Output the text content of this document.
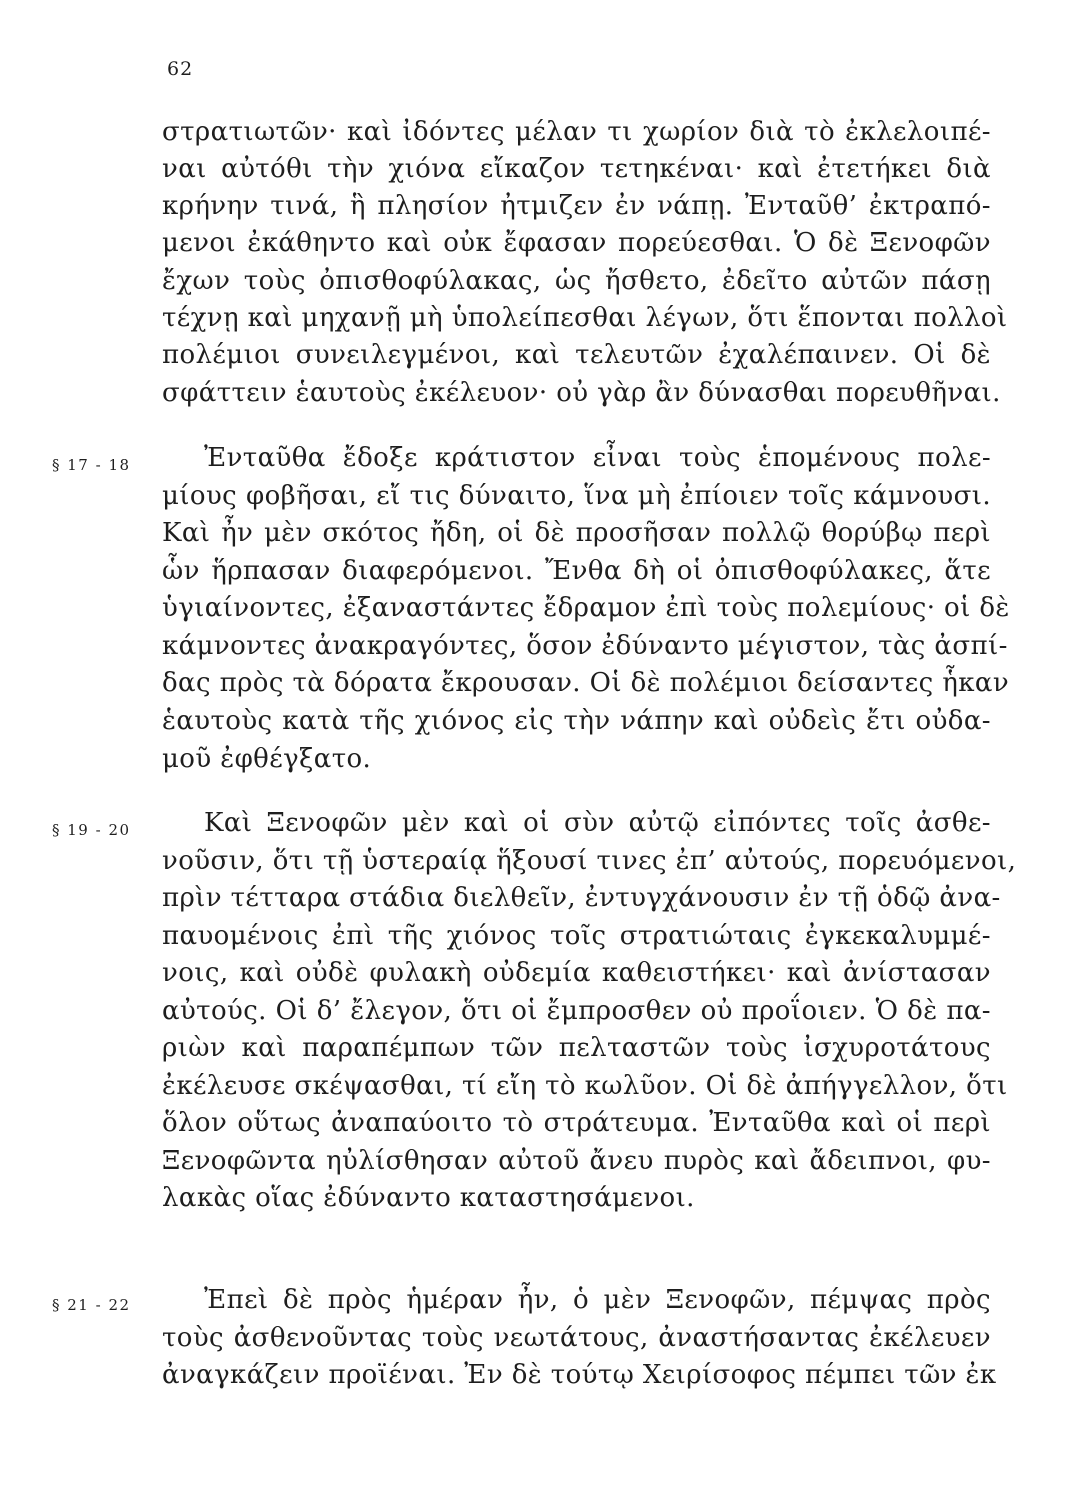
62
§ 17 - 18
§ 19 - 20
§ 21 - 22
στρατιωτῶν· καὶ ἰδόντες μέλαν τι χωρίον διὰ τὸ ἐκλελοιπέ-
ναι αὐτόθι τὴν χιόνα εἴκαζον τετηκέναι· καὶ ἐτετήκει διὰ
κρήνην τινά, ἣ πλησίον ἠτμιζεν ἐν νάπῃ. Ἐνταῦθ’ ἐκτραπό-
μενοι ἐκάθηντο καὶ οὐκ ἔφασαν πορεύεσθαι. Ὁ δὲ Ξενοφῶν
ἔχων τοὺς ὀπισθοφύλακας, ὡς ἤσθετο, ἐδεῖτο αὐτῶν πάσῃ
τέχνῃ καὶ μηχανῇ μὴ ὑπολείπεσθαι λέγων, ὅτι ἕπονται πολλοὶ
πολέμιοι συνειλεγμένοι, καὶ τελευτῶν ἐχαλέπαινεν. Οἱ δὲ
σφάττειν ἑαυτοὺς ἐκέλευον· οὐ γὰρ ἂν δύνασθαι πορευθῆναι.
Ἐνταῦθα ἔδοξε κράτιστον εἶναι τοὺς ἑπομένους πολε-
μίους φοβῆσαι, εἴ τις δύναιτο, ἵνα μὴ ἐπίοιεν τοῖς κάμνουσι.
Καὶ ἦν μὲν σκότος ἤδη, οἱ δὲ προσῆσαν πολλῷ θορύβῳ περὶ
ὧν ἥρπασαν διαφερόμενοι. Ἔνθα δὴ οἱ ὀπισθοφύλακες, ἅτε
ὑγιαίνοντες, ἐξαναστάντες ἔδραμον ἐπὶ τοὺς πολεμίους· οἱ δὲ
κάμνοντες ἀνακραγόντες, ὅσον ἐδύναντο μέγιστον, τὰς ἀσπί-
δας πρὸς τὰ δόρατα ἔκρουσαν. Οἱ δὲ πολέμιοι δείσαντες ἧκαν
ἑαυτοὺς κατὰ τῆς χιόνος εἰς τὴν νάπην καὶ οὐδεὶς ἔτι οὐδα-
μοῦ ἐφθέγξατο.
Καὶ Ξενοφῶν μὲν καὶ οἱ σὺν αὐτῷ εἰπόντες τοῖς ἀσθε-
νοῦσιν, ὅτι τῇ ὑστεραίᾳ ἥξουσί τινες ἐπ’ αὐτούς, πορευόμενοι,
πρὶν τέτταρα στάδια διελθεῖν, ἐντυγχάνουσιν ἐν τῇ ὁδῷ ἀνα-
παυομένοις ἐπὶ τῆς χιόνος τοῖς στρατιώταις ἐγκεκαλυμμέ-
νοις, καὶ οὐδὲ φυλακὴ οὐδεμία καθειστήκει· καὶ ἀνίστασαν
αὐτούς. Οἱ δ’ ἔλεγον, ὅτι οἱ ἔμπροσθεν οὐ προΐοιεν. Ὁ δὲ πα-
ριὼν καὶ παραπέμπων τῶν πελταστῶν τοὺς ἰσχυροτάτους
ἐκέλευσε σκέψασθαι, τί εἴη τὸ κωλῦον. Οἱ δὲ ἀπήγγελλον, ὅτι
ὅλον οὕτως ἀναπαύοιτο τὸ στράτευμα. Ἐνταῦθα καὶ οἱ περὶ
Ξενοφῶντα ηὐλίσθησαν αὐτοῦ ἄνευ πυρὸς καὶ ἄδειπνοι, φυ-
λακὰς οἵας ἐδύναντο καταστησάμενοι.
Ἐπεὶ δὲ πρὸς ἡμέραν ἦν, ὁ μὲν Ξενοφῶν, πέμψας πρὸς
τοὺς ἀσθενοῦντας τοὺς νεωτάτους, ἀναστήσαντας ἐκέλευεν
ἀναγκάζειν προϊέναι. Ἐν δὲ τούτῳ Χειρίσοφος πέμπει τῶν ἐκ
